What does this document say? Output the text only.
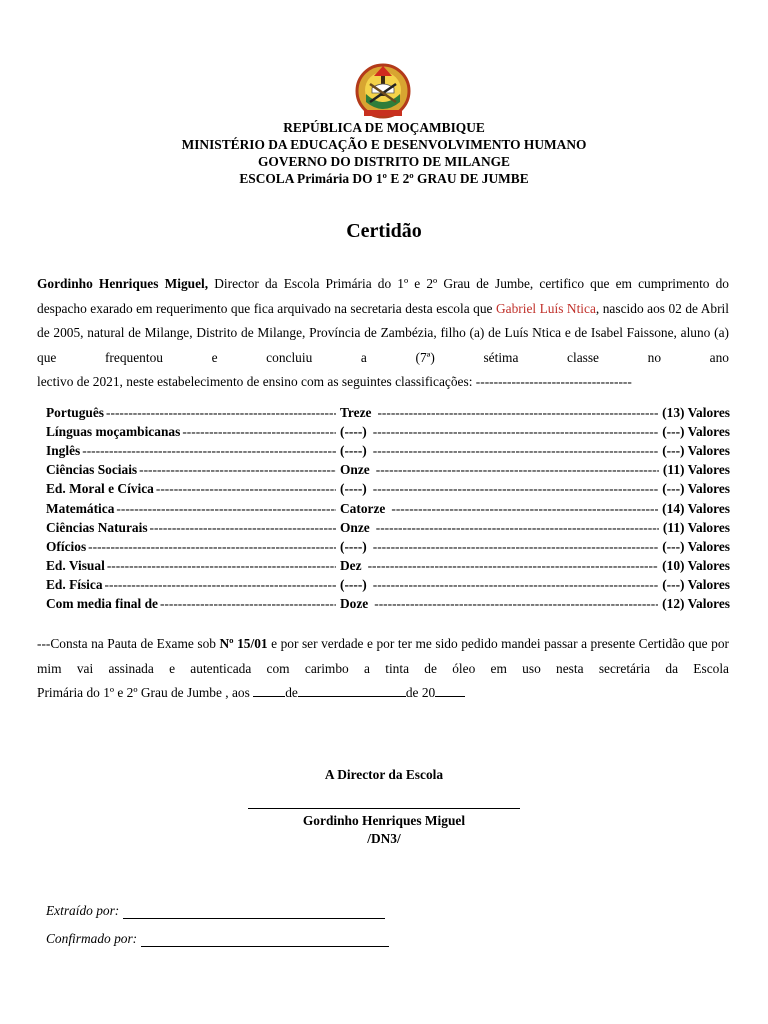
REPÚBLICA DE MOÇAMBIQUE
MINISTÉRIO DA EDUCAÇÃO E DESENVOLVIMENTO HUMANO
GOVERNO DO DISTRITO DE MILANGE
ESCOLA Primária DO 1º E 2º GRAU DE JUMBE
Certidão
Gordinho Henriques Miguel, Director da Escola Primária do 1º e 2º Grau de Jumbe, certifico que em cumprimento do despacho exarado em requerimento que fica arquivado na secretaria desta escola que Gabriel Luís Ntica, nascido aos 02 de Abril de 2005, natural de Milange, Distrito de Milange, Província de Zambézia, filho (a) de Luís Ntica e de Isabel Faissone, aluno (a) que frequentou e concluiu a (7ª) sétima classe no ano
lectivo de 2021, neste estabelecimento de ensino com as seguintes classificações: -----------------------------------
Português -----	Treze -----	(13) Valores
Línguas moçambicanas -----	(----) -----	(---) Valores
Inglês -----	(----) -----	(---) Valores
Ciências Sociais -----	Onze -----	(11) Valores
Ed. Moral e Cívica -----	(----) -----	(---) Valores
Matemática -----	Catorze -----	(14) Valores
Ciências Naturais -----	Onze -----	(11) Valores
Ofícios -----	(----) -----	(---) Valores
Ed. Visual -----	Dez -----	(10) Valores
Ed. Física -----	(----) -----	(---) Valores
Com media final de -----	Doze -----	(12) Valores
---Consta na Pauta de Exame sob Nº 15/01 e por ser verdade e por ter me sido pedido mandei passar a presente Certidão que por mim vai assinada e autenticada com carimbo a tinta de óleo em uso nesta secretária da Escola
Primária do 1º e 2º Grau de Jumbe , aos de	de 20
A Director da Escola
Gordinho Henriques Miguel
/DN3/
Extraído por:
Confirmado por:
